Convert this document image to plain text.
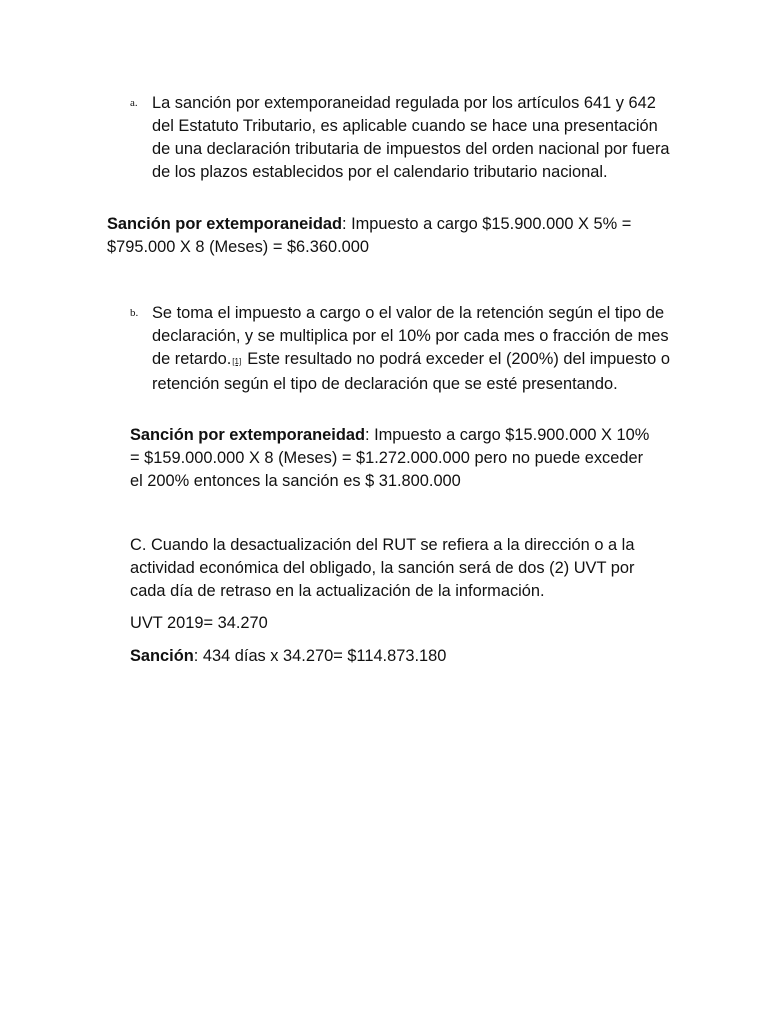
a. La sanción por extemporaneidad regulada por los artículos 641 y 642 del Estatuto Tributario, es aplicable cuando se hace una presentación de una declaración tributaria de impuestos del orden nacional por fuera de los plazos establecidos por el calendario tributario nacional.
Sanción por extemporaneidad: Impuesto a cargo $15.900.000 X 5% = $795.000 X 8 (Meses) = $6.360.000
b. Se toma el impuesto a cargo o el valor de la retención según el tipo de declaración, y se multiplica por el 10% por cada mes o fracción de mes de retardo.[1] Este resultado no podrá exceder el (200%) del impuesto o retención según el tipo de declaración que se esté presentando.
Sanción por extemporaneidad: Impuesto a cargo $15.900.000 X 10% = $159.000.000 X 8 (Meses) = $1.272.000.000 pero no puede exceder el 200% entonces la sanción es $ 31.800.000
C. Cuando la desactualización del RUT se refiera a la dirección o a la actividad económica del obligado, la sanción será de dos (2) UVT por cada día de retraso en la actualización de la información.
UVT 2019= 34.270
Sanción: 434 días x 34.270= $114.873.180
